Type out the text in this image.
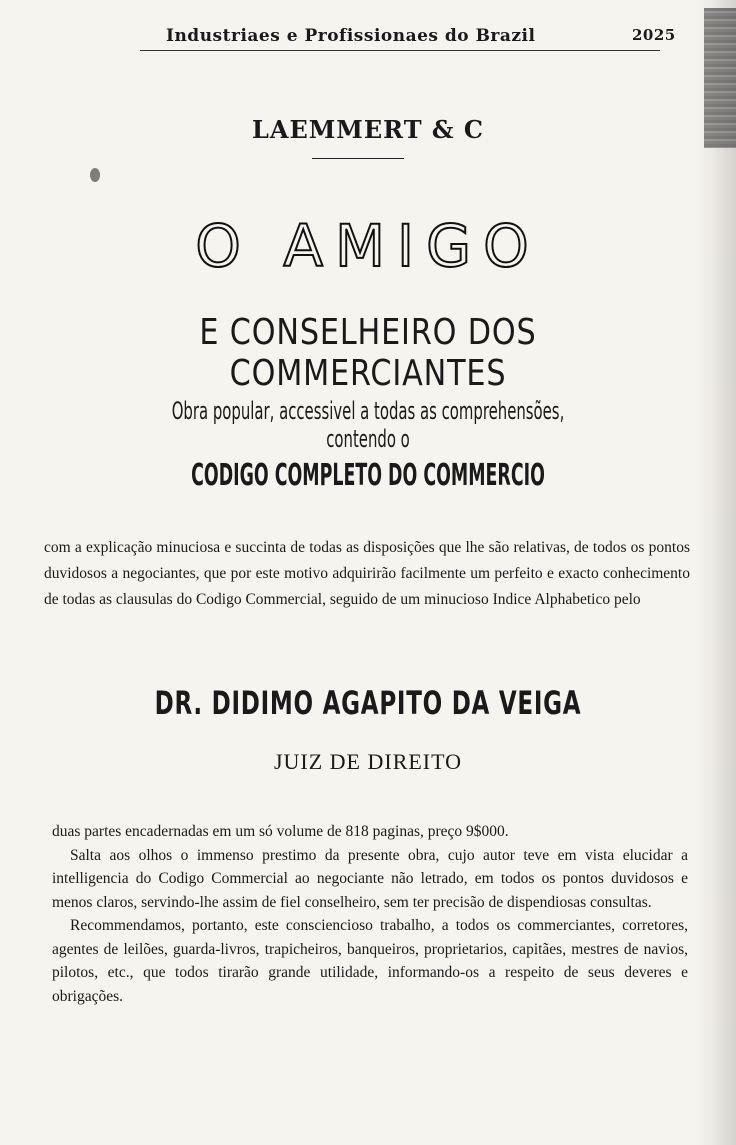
Industriaes e Profissionaes do Brazil	2025
LAEMMERT & C
O AMIGO
E CONSELHEIRO DOS COMMERCIANTES
Obra popular, accessivel a todas as comprehensões, contendo o
CODIGO COMPLETO DO COMMERCIO

com a explicação minuciosa e succinta de todas as disposições que lhe são relativas, de todos os pontos duvidosos a negociantes, que por este motivo adquirirão facilmente um perfeito e exacto conhecimento de todas as clausulas do Codigo Commercial, seguido de um minucioso Indice Alphabetico pelo

DR. DIDIMO AGAPITO DA VEIGA
JUIZ DE DIREITO

duas partes encadernadas em um só volume de 818 paginas, preço 9$000.

Salta aos olhos o immenso prestimo da presente obra, cujo autor teve em vista elucidar a intelligencia do Codigo Commercial ao negociante não letrado, em todos os pontos duvidosos e menos claros, servindo-lhe assim de fiel conselheiro, sem ter precisão de dispendiosas consultas.

Recommendamos, portanto, este consciencioso trabalho, a todos os commerciantes, corretores, agentes de leilões, guarda-livros, trapicheiros, banqueiros, proprietarios, capitães, mestres de navios, pilotos, etc., que todos tirarão grande utilidade, informando-os a respeito de seus deveres e obrigações.
